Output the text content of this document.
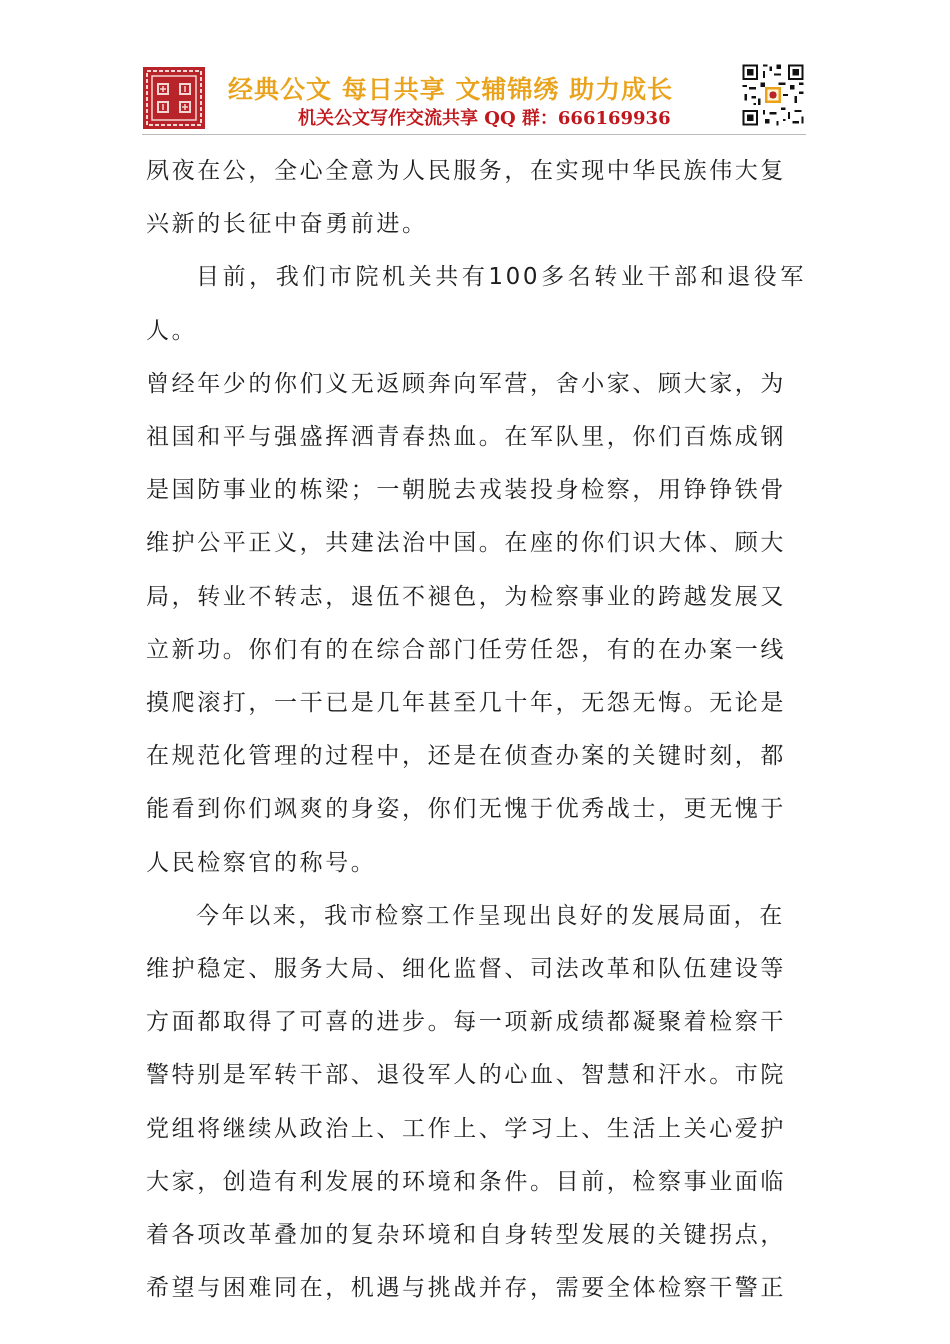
经典公文 每日共享 文辅锦绣 助力成长
机关公文写作交流共享 QQ 群：666169936

夙夜在公，全心全意为人民服务，在实现中华民族伟大复
兴新的长征中奋勇前进。

目前，我们市院机关共有100多名转业干部和退役军人。
曾经年少的你们义无返顾奔向军营，舍小家、顾大家，为
祖国和平与强盛挥洒青春热血。在军队里，你们百炼成钢
是国防事业的栋梁；一朝脱去戎装投身检察，用铮铮铁骨
维护公平正义，共建法治中国。在座的你们识大体、顾大
局，转业不转志，退伍不褪色，为检察事业的跨越发展又
立新功。你们有的在综合部门任劳任怨，有的在办案一线
摸爬滚打，一干已是几年甚至几十年，无怨无悔。无论是
在规范化管理的过程中，还是在侦查办案的关键时刻，都
能看到你们飒爽的身姿，你们无愧于优秀战士，更无愧于
人民检察官的称号。

今年以来，我市检察工作呈现出良好的发展局面，在
维护稳定、服务大局、细化监督、司法改革和队伍建设等
方面都取得了可喜的进步。每一项新成绩都凝聚着检察干
警特别是军转干部、退役军人的心血、智慧和汗水。市院
党组将继续从政治上、工作上、学习上、生活上关心爱护
大家，创造有利发展的环境和条件。目前，检察事业面临
着各项改革叠加的复杂环境和自身转型发展的关键拐点，
希望与困难同在，机遇与挑战并存，需要全体检察干警正
